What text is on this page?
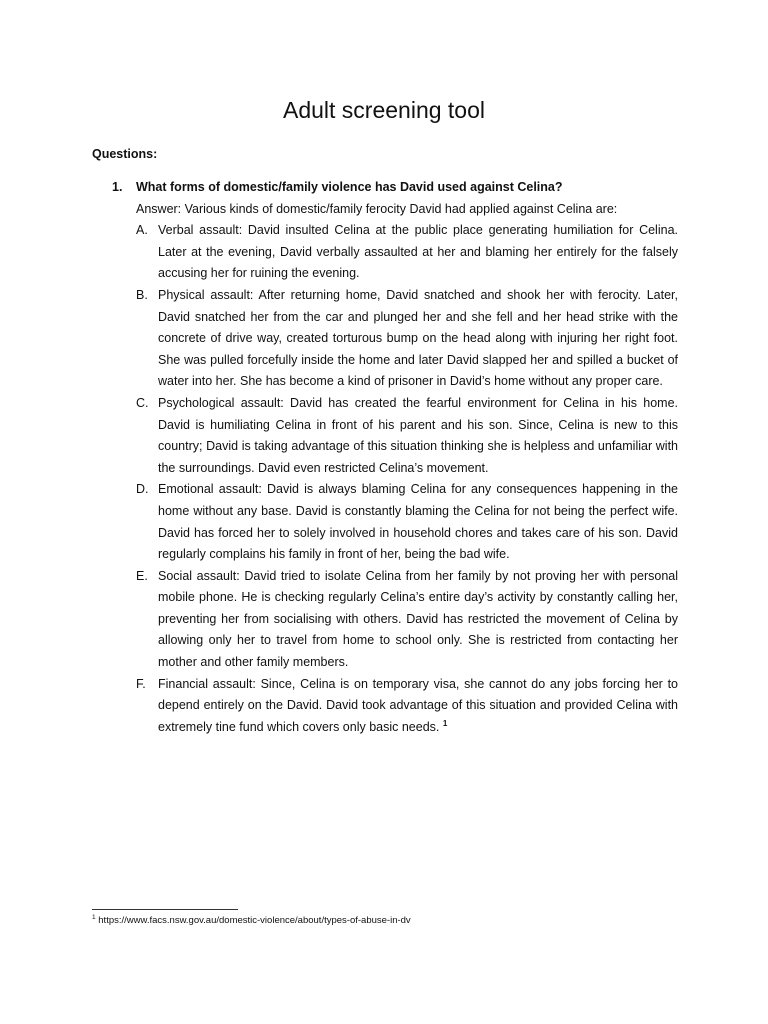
Adult screening tool

Questions:

1.	What forms of domestic/family violence has David used against Celina?
Answer: Various kinds of domestic/family ferocity David had applied against Celina are:
A. Verbal assault: David insulted Celina at the public place generating humiliation for Celina. Later at the evening, David verbally assaulted at her and blaming her entirely for the falsely accusing her for ruining the evening.
B. Physical assault: After returning home, David snatched and shook her with ferocity. Later, David snatched her from the car and plunged her and she fell and her head strike with the concrete of drive way, created torturous bump on the head along with injuring her right foot. She was pulled forcefully inside the home and later David slapped her and spilled a bucket of water into her. She has become a kind of prisoner in David’s home without any proper care.
C. Psychological assault: David has created the fearful environment for Celina in his home. David is humiliating Celina in front of his parent and his son. Since, Celina is new to this country; David is taking advantage of this situation thinking she is helpless and unfamiliar with the surroundings. David even restricted Celina’s movement.
D. Emotional assault: David is always blaming Celina for any consequences happening in the home without any base. David is constantly blaming the Celina for not being the perfect wife. David has forced her to solely involved in household chores and takes care of his son. David regularly complains his family in front of her, being the bad wife.
E. Social assault: David tried to isolate Celina from her family by not proving her with personal mobile phone. He is checking regularly Celina’s entire day’s activity by constantly calling her, preventing her from socialising with others. David has restricted the movement of Celina by allowing only her to travel from home to school only. She is restricted from contacting her mother and other family members.
F. Financial assault: Since, Celina is on temporary visa, she cannot do any jobs forcing her to depend entirely on the David. David took advantage of this situation and provided Celina with extremely tine fund which covers only basic needs. $^1$
$^1$ https://www.facs.nsw.gov.au/domestic-violence/about/types-of-abuse-in-dv
